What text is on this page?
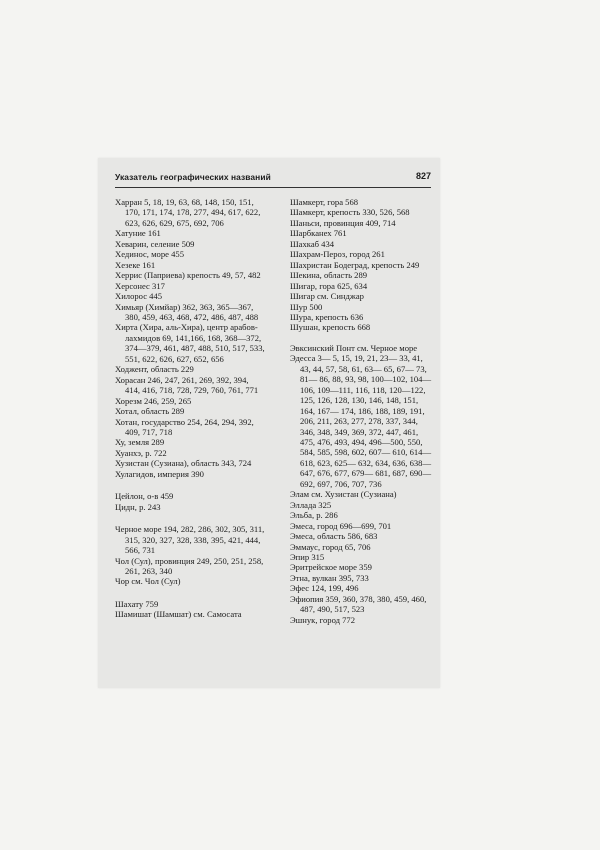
Указатель географических названий	827

Харран 5, 18, 19, 63, 68, 148, 150, 151, 170, 171, 174, 178, 277, 494, 617, 622, 623, 626, 629, 675, 692, 706

Хатуние 161

Хеварин, селение 509

Хединос, море 455

Хезеке 161

Херрис (Паприева) крепость 49, 57, 482

Херсонес 317

Хилорос 445

Химьяр (Химйар) 362, 363, 365—367, 380, 459, 463, 468, 472, 486, 487, 488

Хирта (Хира, аль-Хира), центр арабов-лахмидов 69, 141,166, 168, 368—372, 374—379, 461, 487, 488, 510, 517, 533, 551, 622, 626, 627, 652, 656

Ходжент, область 229

Хорасан 246, 247, 261, 269, 392, 394, 414, 416, 718, 728, 729, 760, 761, 771

Хорезм 246, 259, 265

Хотал, область 289

Хотан, государство 254, 264, 294, 392, 409, 717, 718

Ху, земля 289

Хуанхэ, р. 722

Хузистан (Сузиана), область 343, 724

Хулагидов, империя 390

Цейлон, о-в 459

Цидн, р. 243

Черное море 194, 282, 286, 302, 305, 311, 315, 320, 327, 328, 338, 395, 421, 444, 566, 731

Чол (Сул), провинция 249, 250, 251, 258, 261, 263, 340

Чор см. Чол (Сул)

Шахату 759

Шамишат (Шамшат) см. Самосата

Шамкерт, гора 568

Шамкерт, крепость 330, 526, 568

Шаньси, провинция 409, 714

Шарбканех 761

Шахкаб 434

Шахрам-Пероз, город 261

Шахристан Бодеград, крепость 249

Шекина, область 289

Шигар, гора 625, 634

Шигар см. Синджар

Шур 500

Шура, крепость 636

Шушан, крепость 668

Эвксинский Понт см. Черное море

Эдесса 3— 5, 15, 19, 21, 23— 33, 41, 43, 44, 57, 58, 61, 63— 65, 67— 73, 81— 86, 88, 93, 98, 100—102, 104—106, 109—111, 116, 118, 120—122, 125, 126, 128, 130, 146, 148, 151, 164, 167— 174, 186, 188, 189, 191, 206, 211, 263, 277, 278, 337, 344, 346, 348, 349, 369, 372, 447, 461, 475, 476, 493, 494, 496—500, 550, 584, 585, 598, 602, 607— 610, 614— 618, 623, 625— 632, 634, 636, 638—647, 676, 677, 679— 681, 687, 690— 692, 697, 706, 707, 736

Элам см. Хузистан (Сузиана)

Эллада 325

Эльба, р. 286

Эмеса, город 696—699, 701

Эмеса, область 586, 683

Эммаус, город 65, 706

Эпир 315

Эритрейское море 359

Этна, вулкан 395, 733

Эфес 124, 199, 496

Эфиопия 359, 360, 378, 380, 459, 460, 487, 490, 517, 523

Эшнук, город 772
